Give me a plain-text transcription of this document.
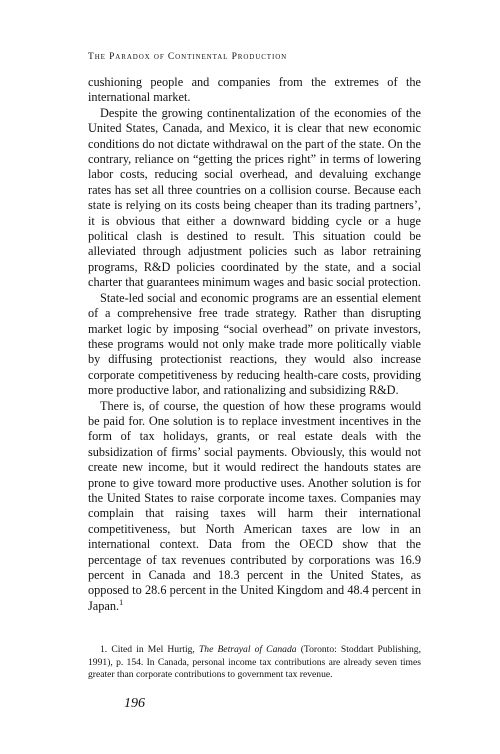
The Paradox of Continental Production

cushioning people and companies from the extremes of the international market.

Despite the growing continentalization of the economies of the United States, Canada, and Mexico, it is clear that new economic conditions do not dictate withdrawal on the part of the state. On the contrary, reliance on “getting the prices right” in terms of lowering labor costs, reducing social overhead, and devaluing exchange rates has set all three countries on a collision course. Because each state is relying on its costs being cheaper than its trading partners’, it is obvious that either a downward bidding cycle or a huge political clash is destined to result. This situation could be alleviated through adjustment policies such as labor retraining programs, R&D policies coordinated by the state, and a social charter that guarantees minimum wages and basic social protection.

State-led social and economic programs are an essential element of a comprehensive free trade strategy. Rather than disrupting market logic by imposing “social overhead” on private investors, these programs would not only make trade more politically viable by diffusing protectionist reactions, they would also increase corporate competitiveness by reducing health-care costs, providing more productive labor, and rationalizing and subsidizing R&D.

There is, of course, the question of how these programs would be paid for. One solution is to replace investment incentives in the form of tax holidays, grants, or real estate deals with the subsidization of firms’ social payments. Obviously, this would not create new income, but it would redirect the handouts states are prone to give toward more productive uses. Another solution is for the United States to raise corporate income taxes. Companies may complain that raising taxes will harm their international competitiveness, but North American taxes are low in an international context. Data from the OECD show that the percentage of tax revenues contributed by corporations was 16.9 percent in Canada and 18.3 percent in the United States, as opposed to 28.6 percent in the United Kingdom and 48.4 percent in Japan.$^1$

1. Cited in Mel Hurtig, The Betrayal of Canada (Toronto: Stoddart Publishing, 1991), p. 154. In Canada, personal income tax contributions are already seven times greater than corporate contributions to government tax revenue.
196
